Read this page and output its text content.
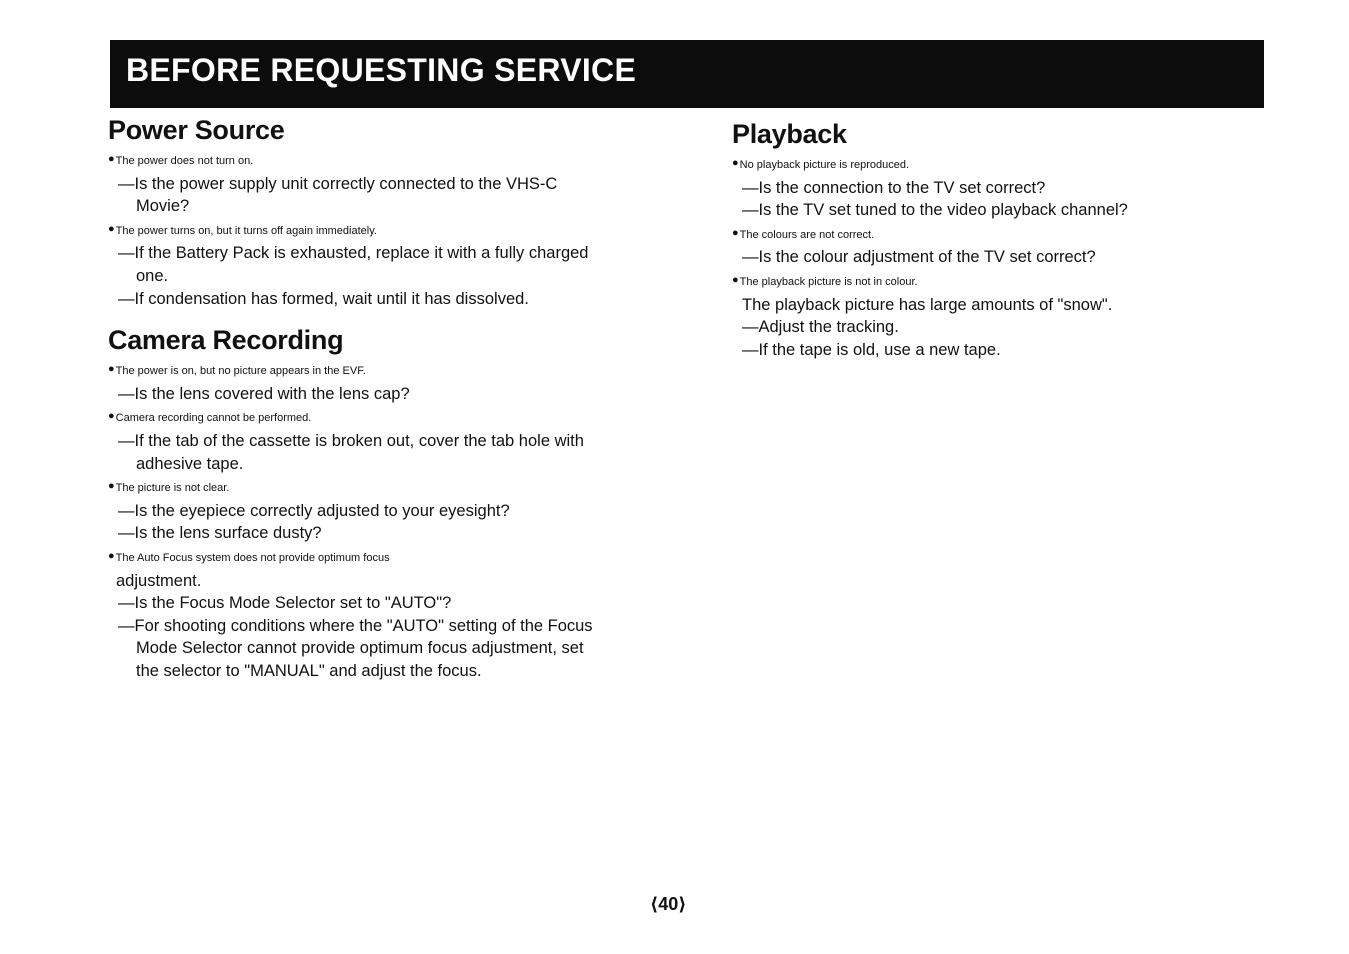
BEFORE REQUESTING SERVICE
Power Source
●The power does not turn on.
—Is the power supply unit correctly connected to the VHS-C
Movie?
●The power turns on, but it turns off again immediately.
—If the Battery Pack is exhausted, replace it with a fully charged
one.
—If condensation has formed, wait until it has dissolved.
Camera Recording
●The power is on, but no picture appears in the EVF.
—Is the lens covered with the lens cap?
●Camera recording cannot be performed.
—If the tab of the cassette is broken out, cover the tab hole with
adhesive tape.
●The picture is not clear.
—Is the eyepiece correctly adjusted to your eyesight?
—Is the lens surface dusty?
●The Auto Focus system does not provide optimum focus
adjustment.
—Is the Focus Mode Selector set to "AUTO"?
—For shooting conditions where the "AUTO" setting of the Focus
Mode Selector cannot provide optimum focus adjustment, set
the selector to "MANUAL" and adjust the focus.
Playback
●No playback picture is reproduced.
—Is the connection to the TV set correct?
—Is the TV set tuned to the video playback channel?
●The colours are not correct.
—Is the colour adjustment of the TV set correct?
●The playback picture is not in colour.
The playback picture has large amounts of "snow".
—Adjust the tracking.
—If the tape is old, use a new tape.
⟨40⟩
